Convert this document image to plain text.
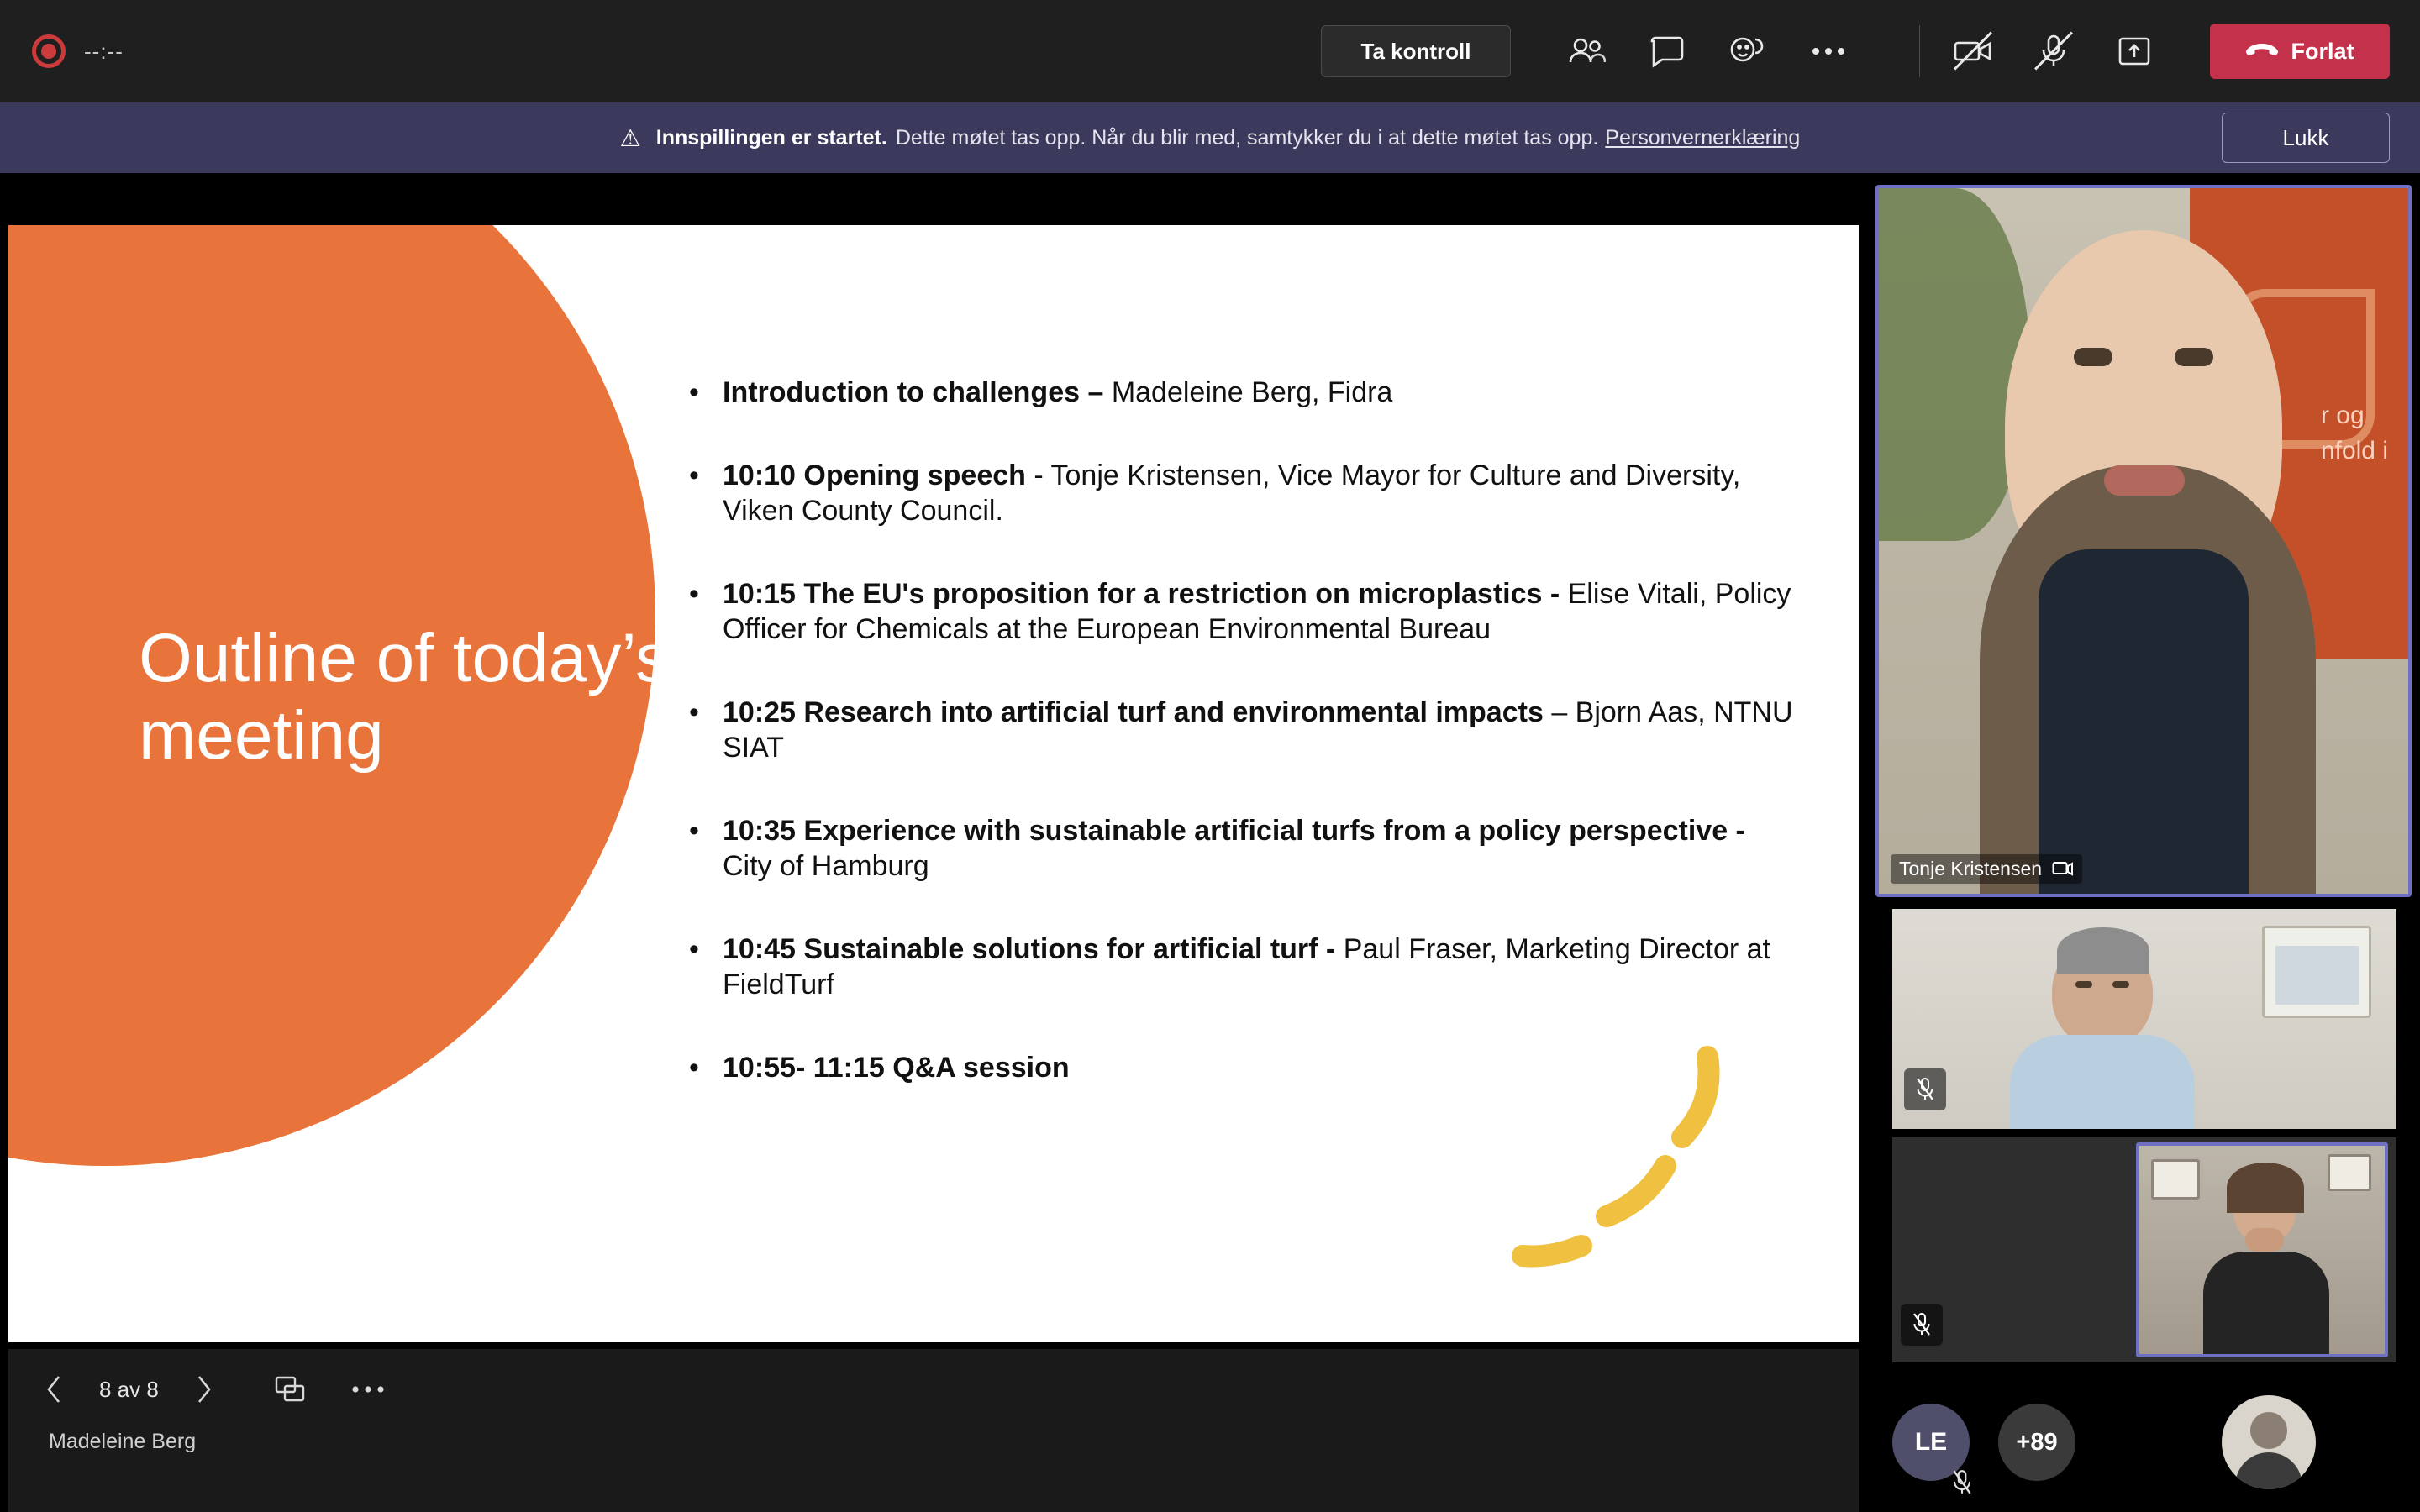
--:--	Ta kontroll	Forlat
⚠ Innspillingen er startet. Dette møtet tas opp. Når du blir med, samtykker du i at dette møtet tas opp. Personvernerklæring	Lukk
Outline of today’s meeting
• Introduction to challenges – Madeleine Berg, Fidra
• 10:10 Opening speech - Tonje Kristensen, Vice Mayor for Culture and Diversity, Viken County Council.
• 10:15 The EU's proposition for a restriction on microplastics - Elise Vitali, Policy Officer for Chemicals at the European Environmental Bureau
• 10:25 Research into artificial turf and environmental impacts – Bjorn Aas, NTNU SIAT
• 10:35 Experience with sustainable artificial turfs from a policy perspective - City of Hamburg
• 10:45 Sustainable solutions for artificial turf - Paul Fraser, Marketing Director at FieldTurf
• 10:55- 11:15 Q&A session
8 av 8
Madeleine Berg
r og
nfold i
Tonje Kristensen
LE	+89
